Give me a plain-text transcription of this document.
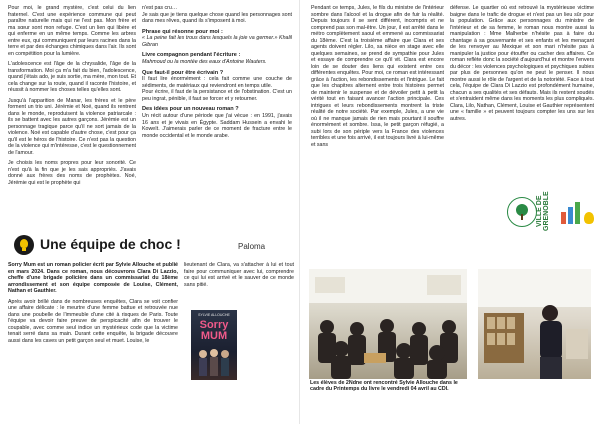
Pour moi, le grand mystère, c'est celui du lien fraternel. C'est une expérience commune qui peut paraître naturelle mais qui ne l'est pas. Mon frère et ma sœur sont mon refuge. C'est un lien qui libère et qui enferme en un même temps. Comme les arbres entre eux, qui communiquent par leurs racines dans la terre et par des échanges chimiques dans l'air. Ils sont en compétition pour la lumière.

L'adolescence est l'âge de la chrysalide, l'âge de la transformation. Moi ça m'a fait du bien, l'adolescence, quand j'étais ado, je suis sortie, ma mère, mon tout. Et cela change sur la route, quand il raconte l'histoire, et réussit à nommer les choses telles qu'elles sont.

Jusqu'à l'apparition de Manar, les frères et le père forment un trio uni. Jérémie et Noé, quand ils rentrent dans le monde, reproduisent la violence patriarcale : ils se battent avec les autres garçons. Jérémie est un personnage tragique parce qu'il ne sort jamais de la violence. Noé est capable d'autre chose, c'est pour ça qu'il est le héros de l'histoire. Ce n'est pas la question de la violence qui m'intéresse, c'est le questionnement de l'amour.

Je choisis les noms propres pour leur sonorité. Ce n'est qu'à la fin que je les sais appropriés. J'avais donné aux frères des noms de prophètes. Noé, Jérémie qui est le prophète qui

n'est pas cru…

Je sais que je tiens quelque chose quand les personnages sont dans mes rêves, quand ils s'imposent à moi.

Phrase qui résonne pour moi :

« La peine fait les trous dans lesquels la joie va germer.» Khalil Gibran

Livre compagnon pendant l'écriture :

Mahmoud ou la montée des eaux d'Antoine Wauters.

Que faut-il pour être écrivain ?

Il faut lire énormément : cela fait comme une couche de sédiments, de matériaux qui reviendront en temps utile.

Pour écrire, il faut de la persistance et de l'obstination. C'est un peu ingrat, pénible, il faut se forcer et y retourner.

Des idées pour un nouveau roman ?

Un récit autour d'une période que j'ai vécue : en 1991, j'avais 16 ans et je vivais en Égypte. Saddam Hussein a envahi le Koweït. J'aimerais parler de ce moment de fracture entre le monde occidental et le monde arabe.

Une équipe de choc !	Paloma

Sorry Mum est un roman policier écrit par Sylvie Allouche et publié en mars 2024. Dans ce roman, nous découvrons Clara Di Lazzio, cheffe d'une brigade policière dans un commissariat du 18ème arrondissement et son équipe composée de Louise, Clément, Nathan et Gauthier.

Après avoir brillé dans de nombreuses enquêtes, Clara se voit confier une affaire délicate : le meurtre d'une femme battue et retrouvée nue dans une poubelle de l'immeuble d'une cité à risques de Paris. Toute l'équipe va devoir faire preuve de perspicacité afin de trouver le coupable, avec comme seul indice un mystérieux code que la victime tenait serré dans sa main. Durant cette enquête, la brigade découvre aussi dans les caves un petit garçon seul et muet. Louise, le

lieutenant de Clara, va s'attacher à lui et tout faire pour communiquer avec lui, comprendre ce qui lui est arrivé et le sauver de ce monde sans pitié.

SYLVIE ALLOUCHE
Sorry
MUM

Pendant ce temps, Jules, le fils du ministre de l'intérieur sombre dans l'alcool et la drogue afin de fuir la réalité. Depuis toujours il se sent différent, incompris et ne comprend pas son mal-être. Un jour, il est arrêté dans le métro complètement saoul et emmené au commissariat du 18ème. C'est la troisième affaire que Clara et ses agents doivent régler. Lilo, sa nièce en stage avec elle quelques semaines, se prend de sympathie pour Jules et essaye de comprendre ce qu'il vit. Clara est encore loin de se douter des liens qui existent entre ces différentes enquêtes. Pour moi, ce roman est intéressant grâce à l'action, les rebondissements et l'intrigue. Le fait que les chapitres alternent entre trois histoires permet de maintenir le suspense et de dévoiler petit à petit la vérité tout en faisant avancer l'action principale. Ces intrigues et leurs rebondissements montrent la triste réalité de notre société. Par exemple, Jules, a une vie où il ne manque jamais de rien mais pourtant il souffre énormément et sombre. Issa, le petit garçon réfugié, a subi lors de son périple vers la France des violences terribles et une fois arrivé, il est toujours livré à lui-même et sans

défense. Le quartier où est retrouvé la mystérieuse victime baigne dans le trafic de drogue et n'est pas un lieu sûr pour la population. Grâce aux personnages du ministre de l'intérieur et de sa femme, le roman nous montre aussi la manipulation : Mme Malherbe n'hésite pas à faire du chantage à sa gouvernante et ses enfants et les menaçant de les renvoyer au Mexique et son mari n'hésite pas à manipuler la justice pour étouffer ou cacher des affaires. Ce roman reflète donc la société d'aujourd'hui et montre l'envers du décor : les violences psychologiques et psychiques subies par plus de personnes qu'on ne peut le penser. Il nous montre aussi le rôle de l'argent et de la notoriété. Face à tout cela, l'équipe de Clara Di Lazzio est profondément humaine, chacun a ses qualités et ses défauts. Mais ils restent soudés et s'entraident même dans les moments les plus compliqués. Clara, Lilo, Nathan, Clément, Louise et Gauthier représentent une « famille » et peuvent toujours compter les uns sur les autres.

VILLE DE GRENOBLE
Les élèves de 2Ndne ont rencontré Sylvie Allouche dans le cadre du Printemps du livre le vendredi 04 avril au CDI.
